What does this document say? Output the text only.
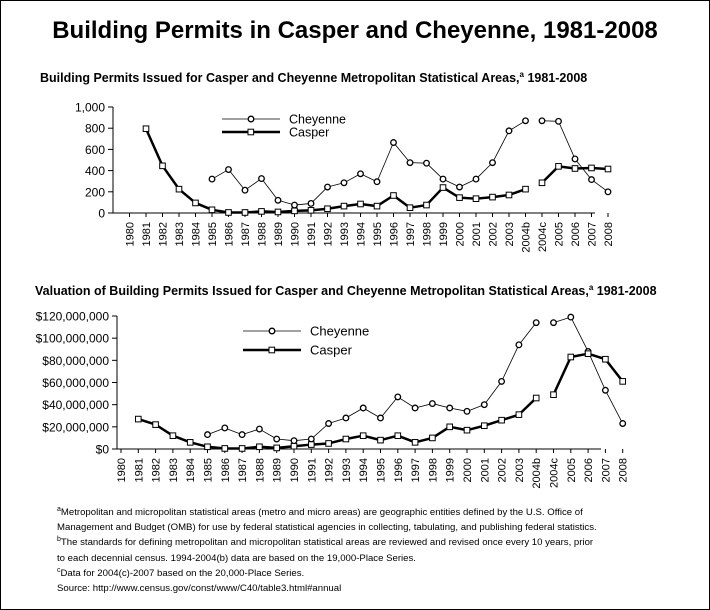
Building Permits in Casper and Cheyenne, 1981-2008
Building Permits Issued for Casper and Cheyenne Metropolitan Statistical Areas,$^a$ 1981-2008
0
200
400
600
800
1,000
1980 1981 1982 1983 1984 1985 1986 1987 1988 1989 1990 1991 1992 1993 1994 1995 1996 1997 1998 1999 2000 2001 2002 2003 2004b 2004c 2005 2006 2007 2008
Cheyenne
Casper
Valuation of Building Permits Issued for Casper and Cheyenne Metropolitan Statistical Areas,$^a$ 1981-2008
$0
$20,000,000
$40,000,000
$60,000,000
$80,000,000
$100,000,000
$120,000,000
1980 1981 1982 1983 1984 1985 1986 1987 1988 1989 1990 1991 1992 1993 1994 1995 1996 1997 1998 1999 2000 2001 2002 2003 2004b 2004c 2005 2006 2007 2008
Cheyenne
Casper
$^a$Metropolitan and micropolitan statistical areas (metro and micro areas) are geographic entities defined by the U.S. Office of
Management and Budget (OMB) for use by federal statistical agencies in collecting, tabulating, and publishing federal statistics.
$^b$The standards for defining metropolitan and micropolitan statistical areas are reviewed and revised once every 10 years, prior
to each decennial census. 1994-2004(b) data are based on the 19,000-Place Series.
$^c$Data for 2004(c)-2007 based on the 20,000-Place Series.
Source: http://www.census.gov/const/www/C40/table3.html#annual
